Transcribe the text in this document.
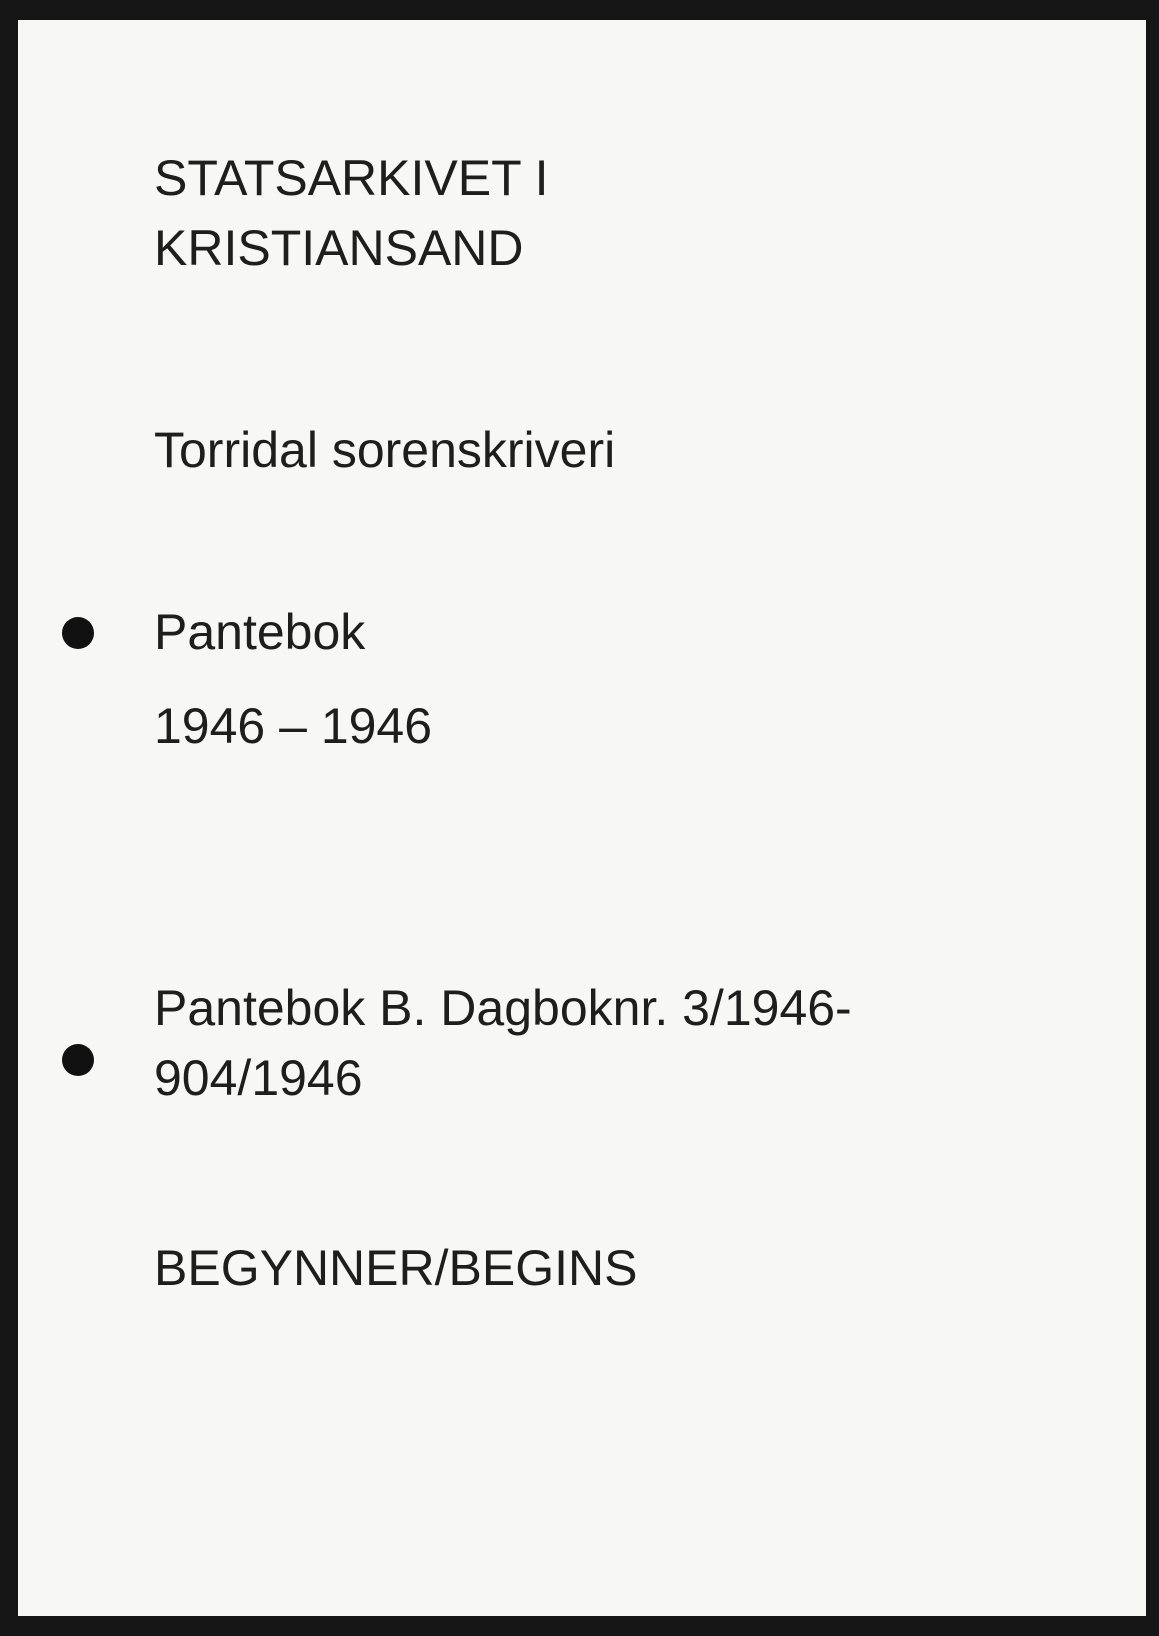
STATSARKIVET I
KRISTIANSAND
Torridal sorenskriveri
Pantebok
1946 – 1946
Pantebok B. Dagboknr. 3/1946-
904/1946
BEGYNNER/BEGINS
